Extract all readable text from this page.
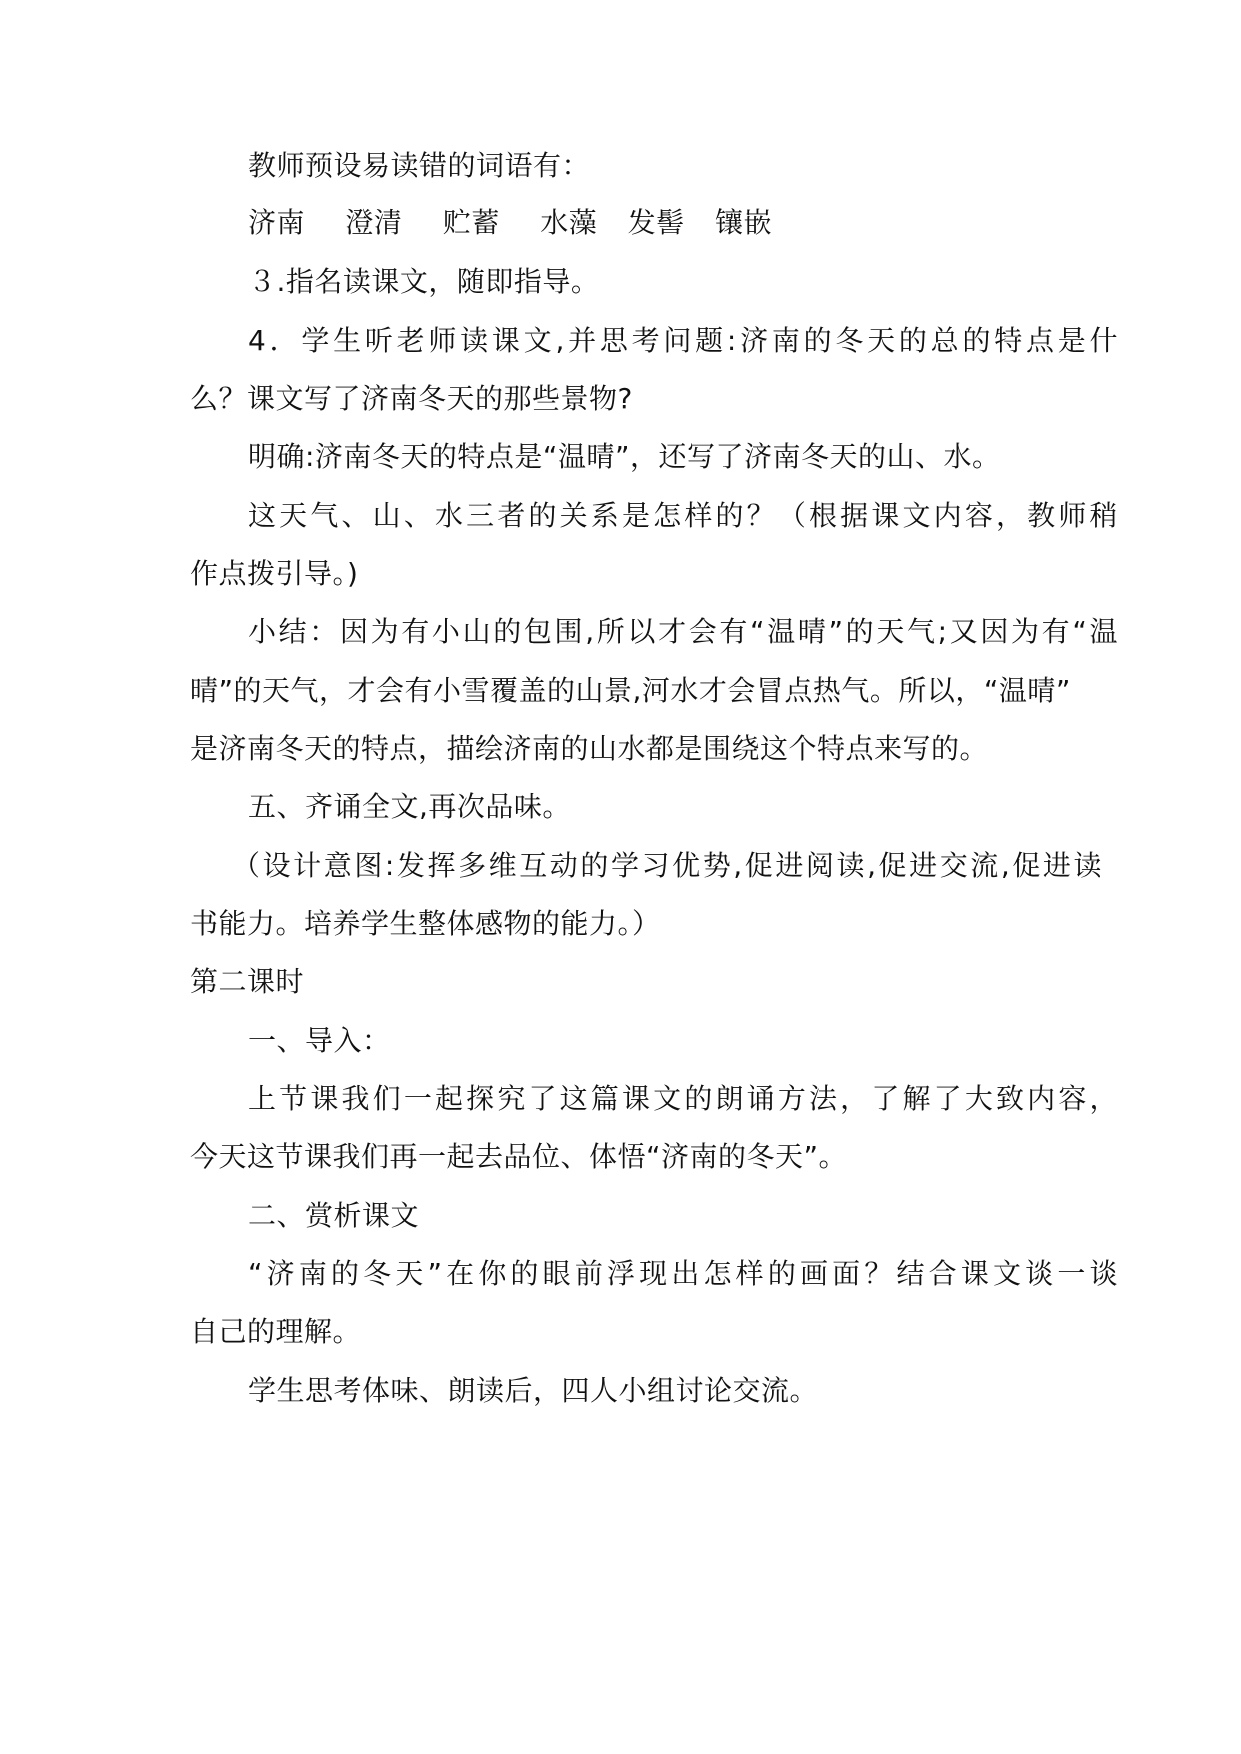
教师预设易读错的词语有：
济南 澄清 贮蓄 水藻 发髻 镶嵌
３.指名读课文，随即指导。
4．学生听老师读课文,并思考问题:济南的冬天的总的特点是什
么？课文写了济南冬天的那些景物?
明确:济南冬天的特点是“温晴”，还写了济南冬天的山、水。
这天气、山、水三者的关系是怎样的？（根据课文内容，教师稍
作点拨引导。)
小结：因为有小山的包围,所以才会有“温晴”的天气;又因为有“温
晴”的天气，才会有小雪覆盖的山景,河水才会冒点热气。所以，“温晴”
是济南冬天的特点，描绘济南的山水都是围绕这个特点来写的。
五、齐诵全文,再次品味。
（设计意图:发挥多维互动的学习优势,促进阅读,促进交流,促进读
书能力。培养学生整体感物的能力。）
第二课时
一、导入：
上节课我们一起探究了这篇课文的朗诵方法，了解了大致内容，
今天这节课我们再一起去品位、体悟“济南的冬天”。
二、赏析课文
“济南的冬天”在你的眼前浮现出怎样的画面？结合课文谈一谈
自己的理解。
学生思考体味、朗读后，四人小组讨论交流。
